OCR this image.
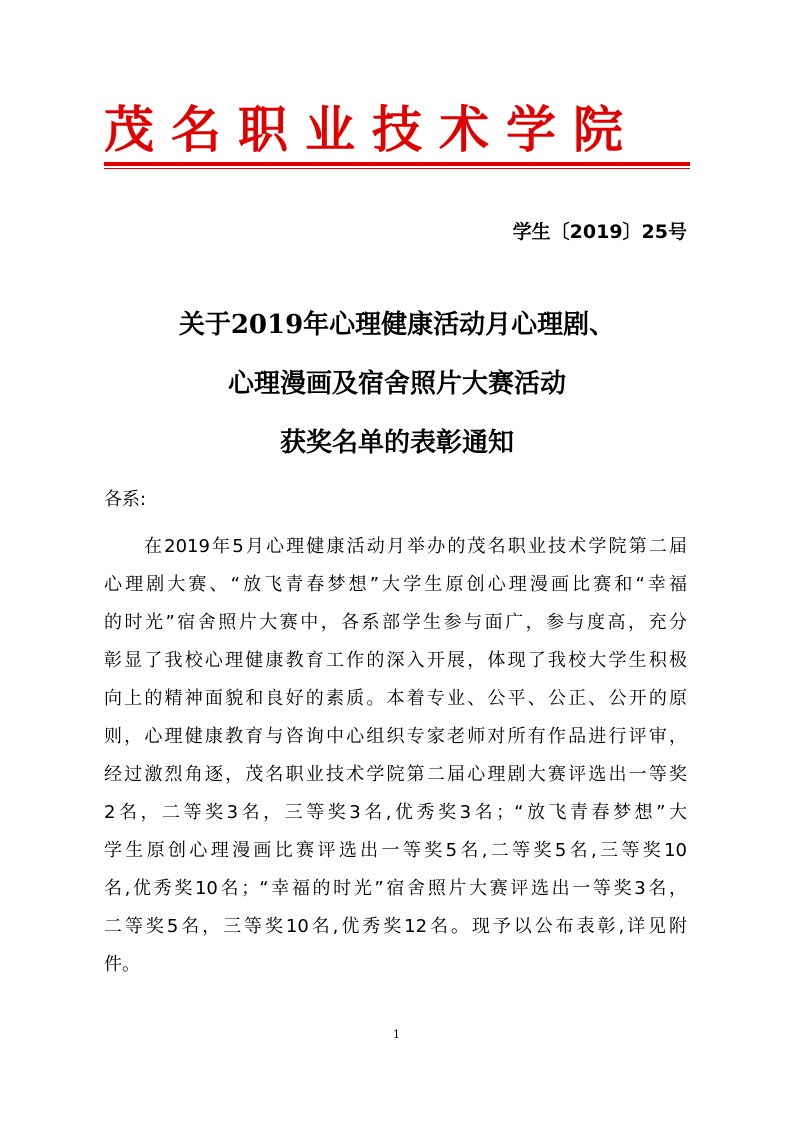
茂名职业技术学院
学生〔2019〕25号
关于2019年心理健康活动月心理剧、
心理漫画及宿舍照片大赛活动
获奖名单的表彰通知
各系:
在2019年5月心理健康活动月举办的茂名职业技术学院第二届
心理剧大赛、“放飞青春梦想”大学生原创心理漫画比赛和“幸福
的时光”宿舍照片大赛中，各系部学生参与面广，参与度高，充分
彰显了我校心理健康教育工作的深入开展，体现了我校大学生积极
向上的精神面貌和良好的素质。本着专业、公平、公正、公开的原
则，心理健康教育与咨询中心组织专家老师对所有作品进行评审，
经过激烈角逐，茂名职业技术学院第二届心理剧大赛评选出一等奖
2名，二等奖3名，三等奖3名,优秀奖3名；“放飞青春梦想”大
学生原创心理漫画比赛评选出一等奖5名,二等奖5名,三等奖10
名,优秀奖10名；“幸福的时光”宿舍照片大赛评选出一等奖3名，
二等奖5名，三等奖10名,优秀奖12名。现予以公布表彰,详见附
件。
1
